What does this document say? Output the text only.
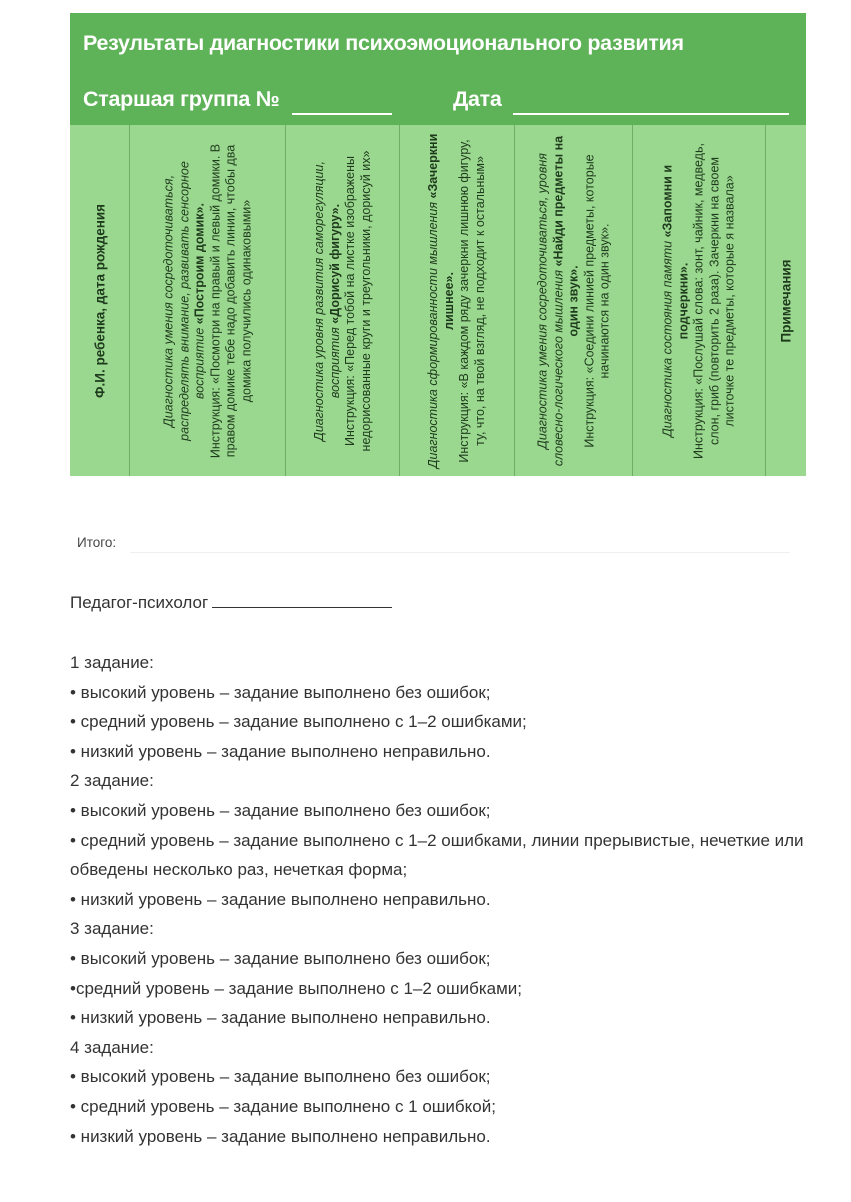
Результаты диагностики психоэмоционального развития
Старшая группа №	Дата
Ф.И. ребенка, дата рождения	Диагностика умения сосредоточиваться, распределять внимание, развивать сенсорное восприятие «Построим домик». Инструкция: «Посмотри на правый и левый домики. В правом домике тебе надо добавить линии, чтобы два домика получились одинаковыми»	Диагностика уровня развития саморегуляции, восприятия «Дорисуй фигуру». Инструкция: «Перед тобой на листке изображены недорисованные круги и треугольники, дорисуй их»	Диагностика сформированности мышления «Зачеркни лишнее». Инструкция: «В каждом ряду зачеркни лишнюю фигуру, ту, что, на твой взгляд, не подходит к остальным»	Диагностика умения сосредоточиваться, уровня словесно-логического мышления «Найди предметы на один звук». Инструкция: «Соедини линией предметы, которые начинаются на один звук».	Диагностика состояния памяти «Запомни и подчеркни». Инструкция: «Послушай слова: зонт, чайник, медведь, слон, гриб (повторить 2 раза). Зачеркни на своем листочке те предметы, которые я назвала»	Примечания
Итого:
Педагог-психолог
1 задание:
• высокий уровень – задание выполнено без ошибок;
• средний уровень – задание выполнено с 1–2 ошибками;
• низкий уровень – задание выполнено неправильно.
2 задание:
• высокий уровень – задание выполнено без ошибок;
• средний уровень – задание выполнено с 1–2 ошибками, линии прерывистые, нечеткие или обведены несколько раз, нечеткая форма;
• низкий уровень – задание выполнено неправильно.
3 задание:
• высокий уровень – задание выполнено без ошибок;
•средний уровень – задание выполнено с 1–2 ошибками;
• низкий уровень – задание выполнено неправильно.
4 задание:
• высокий уровень – задание выполнено без ошибок;
• средний уровень – задание выполнено с 1 ошибкой;
• низкий уровень – задание выполнено неправильно.
